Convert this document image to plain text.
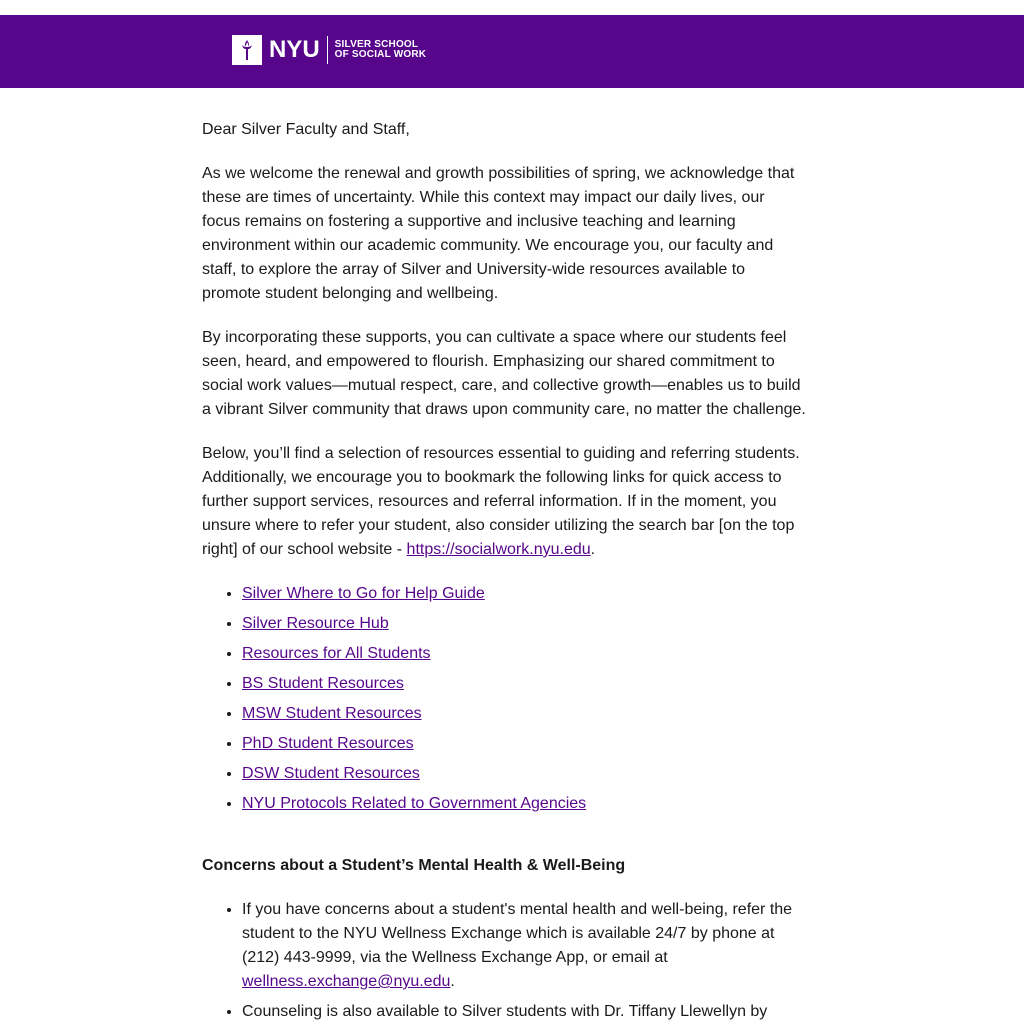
NYU SILVER SCHOOL
OF SOCIAL WORK

Dear Silver Faculty and Staff,

As we welcome the renewal and growth possibilities of spring, we acknowledge that these are times of uncertainty. While this context may impact our daily lives, our focus remains on fostering a supportive and inclusive teaching and learning environment within our academic community. We encourage you, our faculty and staff, to explore the array of Silver and University-wide resources available to promote student belonging and wellbeing.

By incorporating these supports, you can cultivate a space where our students feel seen, heard, and empowered to flourish. Emphasizing our shared commitment to social work values—mutual respect, care, and collective growth—enables us to build a vibrant Silver community that draws upon community care, no matter the challenge.

Below, you’ll find a selection of resources essential to guiding and referring students. Additionally, we encourage you to bookmark the following links for quick access to further support services, resources and referral information. If in the moment, you unsure where to refer your student, also consider utilizing the search bar [on the top right] of our school website - https://socialwork.nyu.edu.

• Silver Where to Go for Help Guide
• Silver Resource Hub
• Resources for All Students
• BS Student Resources
• MSW Student Resources
• PhD Student Resources
• DSW Student Resources
• NYU Protocols Related to Government Agencies
Concerns about a Student’s Mental Health & Well-Being
• If you have concerns about a student's mental health and well-being, refer the student to the NYU Wellness Exchange which is available 24/7 by phone at (212) 443-9999, via the Wellness Exchange App, or email at wellness.exchange@nyu.edu.
• Counseling is also available to Silver students with Dr. Tiffany Llewellyn by
